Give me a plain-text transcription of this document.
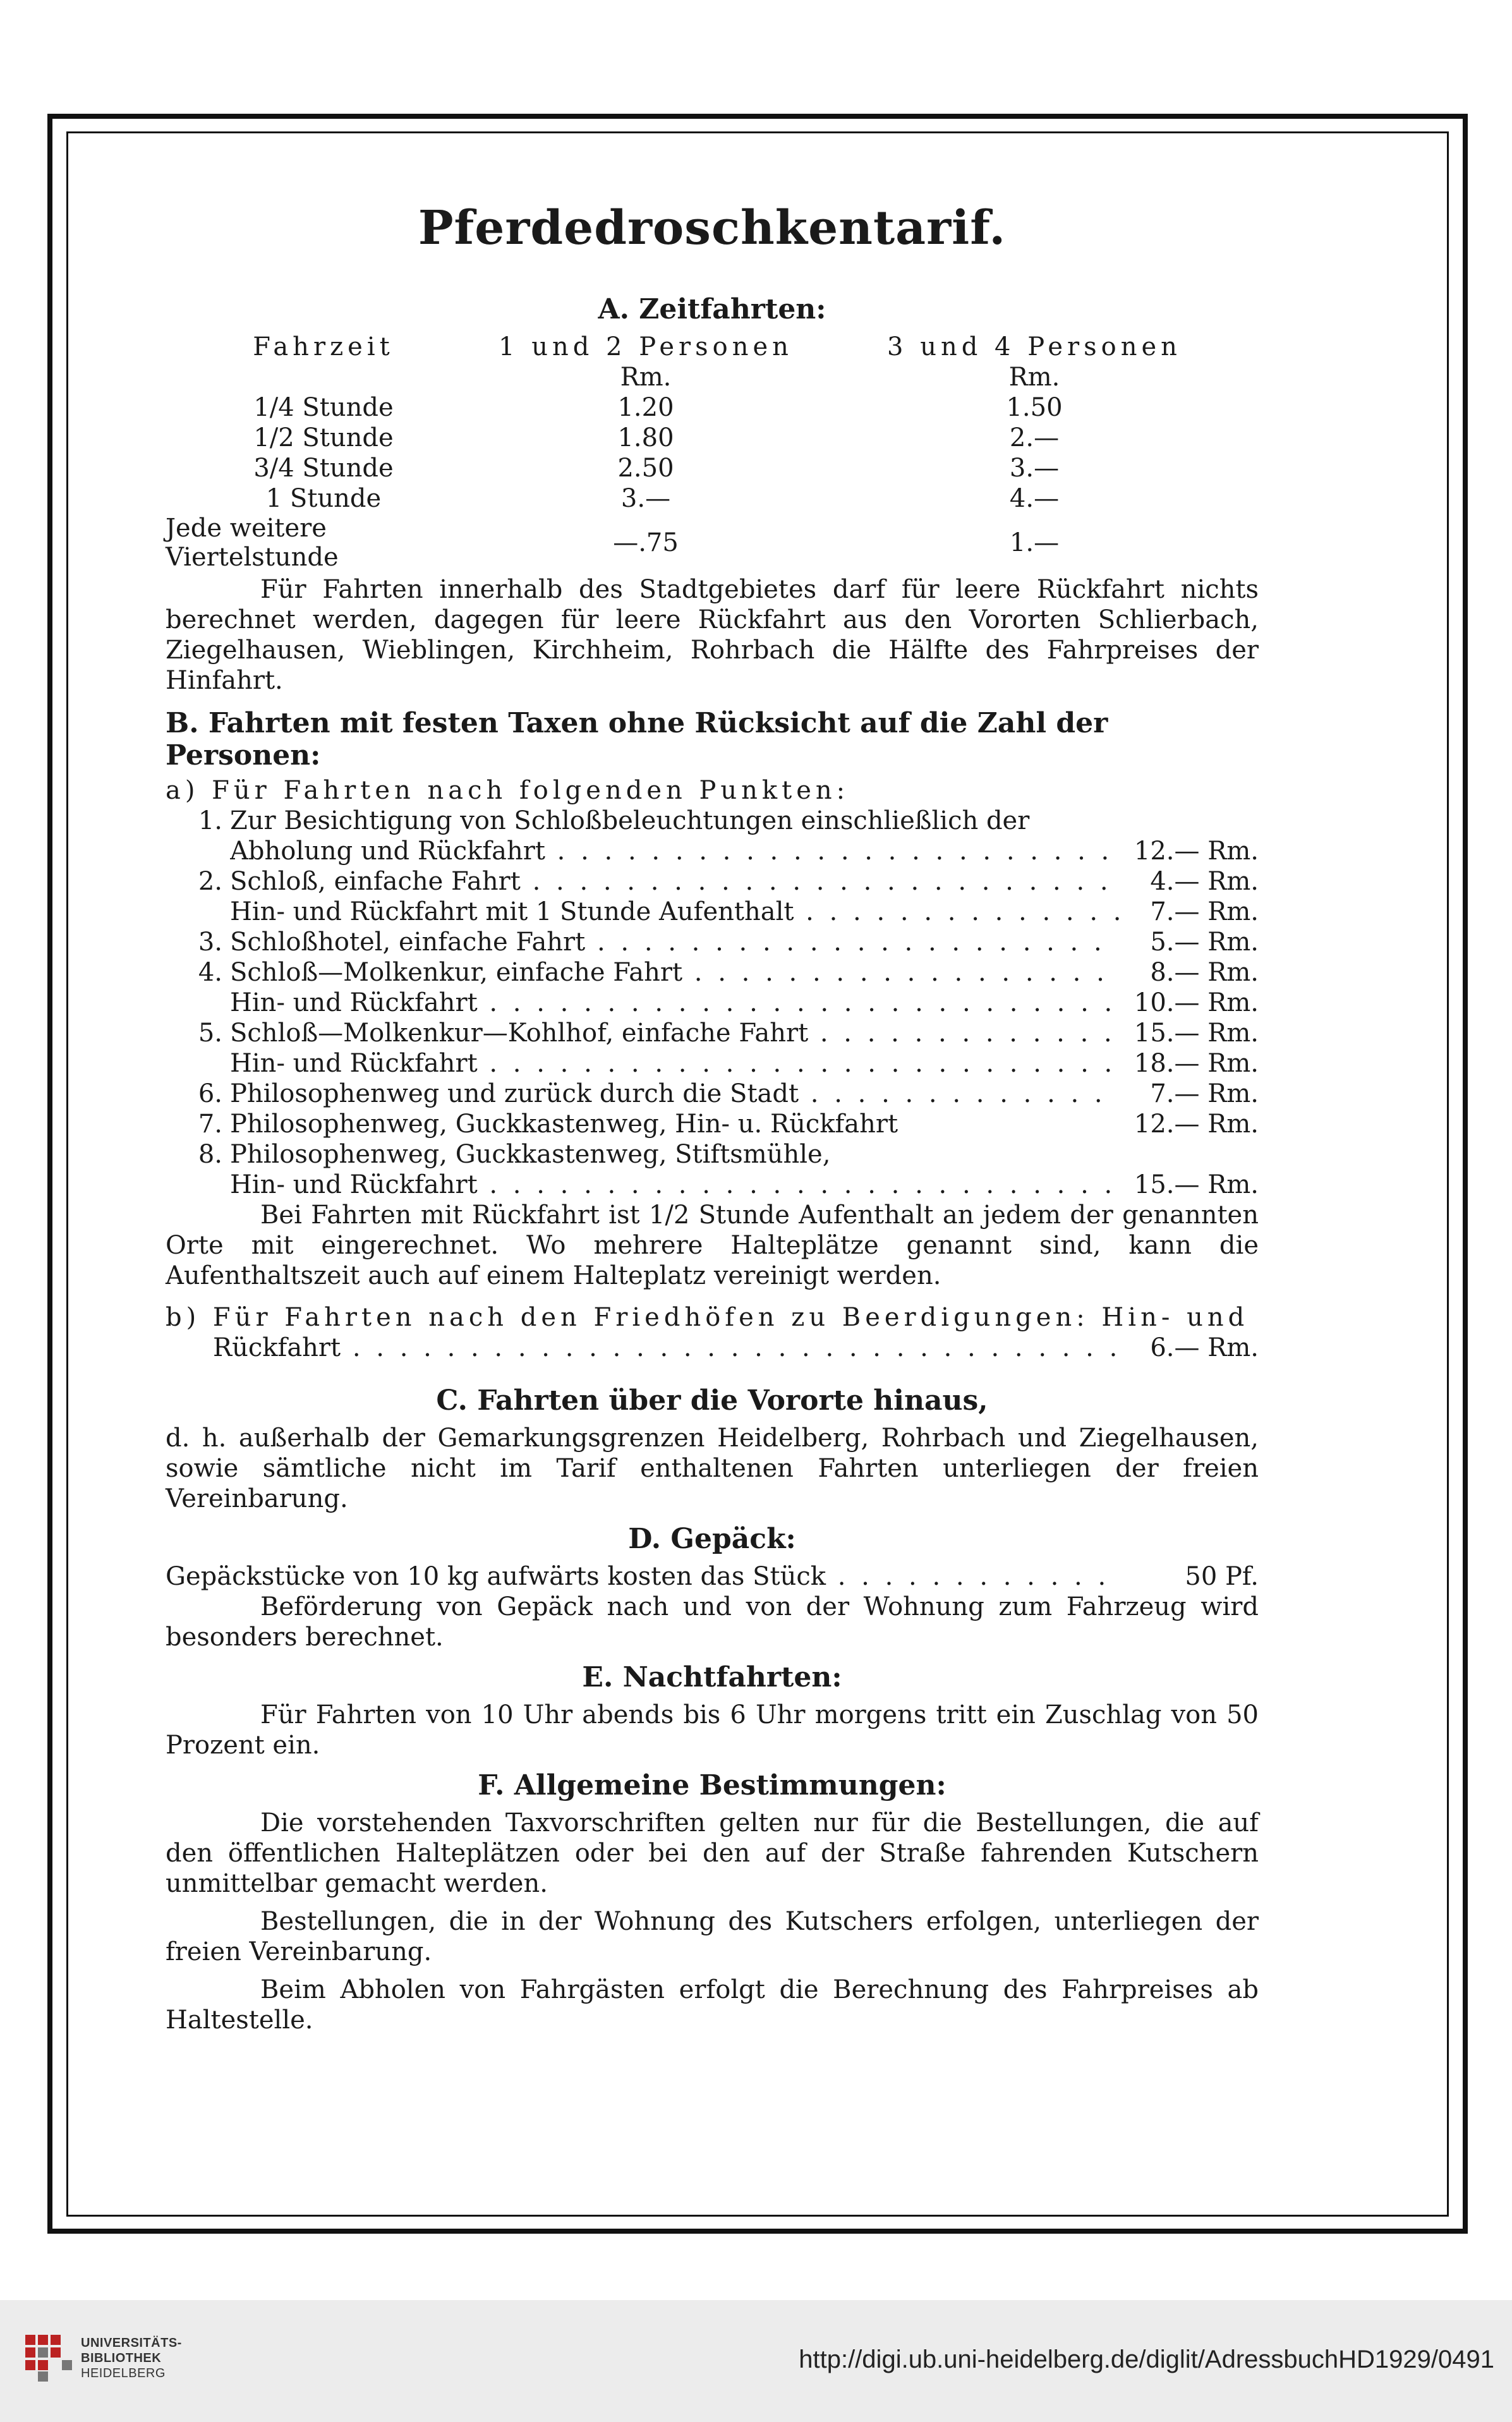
Pferdedroschkentarif.
A. Zeitfahrten:
Fahrzeit	1 und 2 Personen	3 und 4 Personen
	Rm.	Rm.
1/4 Stunde	1.20	1.50
1/2 Stunde	1.80	2.—
3/4 Stunde	2.50	3.—
1 Stunde	3.—	4.—
Jede weitere Viertelstunde	—.75	1.—

Für Fahrten innerhalb des Stadtgebietes darf für leere Rückfahrt nichts berechnet werden, dagegen für leere Rückfahrt aus den Vororten Schlierbach, Ziegelhausen, Wieblingen, Kirchheim, Rohrbach die Hälfte des Fahrpreises der Hinfahrt.

B. Fahrten mit festen Taxen ohne Rücksicht auf die Zahl der Personen:

a) Für Fahrten nach folgenden Punkten:

1. Zur Besichtigung von Schloßbeleuchtungen einschließlich der
Abholung und Rückfahrt . . .	12.— Rm.
2. Schloß, einfache Fahrt . . .	4.— Rm.
Hin- und Rückfahrt mit 1 Stunde Aufenthalt . . .	7.— Rm.
3. Schloßhotel, einfache Fahrt . . .	5.— Rm.
4. Schloß—Molkenkur, einfache Fahrt . . .	8.— Rm.
Hin- und Rückfahrt . . .	10.— Rm.
5. Schloß—Molkenkur—Kohlhof, einfache Fahrt . . .	15.— Rm.
Hin- und Rückfahrt . . .	18.— Rm.
6. Philosophenweg und zurück durch die Stadt . . .	7.— Rm.
7. Philosophenweg, Guckkastenweg, Hin- u. Rückfahrt	12.— Rm.
8. Philosophenweg, Guckkastenweg, Stiftsmühle,
Hin- und Rückfahrt . . .	15.— Rm.

Bei Fahrten mit Rückfahrt ist 1/2 Stunde Aufenthalt an jedem der genannten Orte mit eingerechnet. Wo mehrere Halteplätze genannt sind, kann die Aufenthaltszeit auch auf einem Halteplatz vereinigt werden.

b) Für Fahrten nach den Friedhöfen zu Beerdigungen: Hin- und

Rückfahrt . . .	6.— Rm.
C. Fahrten über die Vororte hinaus,

d. h. außerhalb der Gemarkungsgrenzen Heidelberg, Rohrbach und Ziegelhausen, sowie sämtliche nicht im Tarif enthaltenen Fahrten unterliegen der freien Vereinbarung.

D. Gepäck:
Gepäckstücke von 10 kg aufwärts kosten das Stück . . .	50 Pf.

Beförderung von Gepäck nach und von der Wohnung zum Fahrzeug wird besonders berechnet.

E. Nachtfahrten:

Für Fahrten von 10 Uhr abends bis 6 Uhr morgens tritt ein Zuschlag von 50 Prozent ein.

F. Allgemeine Bestimmungen:

Die vorstehenden Taxvorschriften gelten nur für die Bestellungen, die auf den öffentlichen Halteplätzen oder bei den auf der Straße fahrenden Kutschern unmittelbar gemacht werden.

Bestellungen, die in der Wohnung des Kutschers erfolgen, unterliegen der freien Vereinbarung.

Beim Abholen von Fahrgästen erfolgt die Berechnung des Fahrpreises ab Haltestelle.

UNIVERSITÄTS-
BIBLIOTHEK
HEIDELBERG	http://digi.ub.uni-heidelberg.de/diglit/AdressbuchHD1929/0491
